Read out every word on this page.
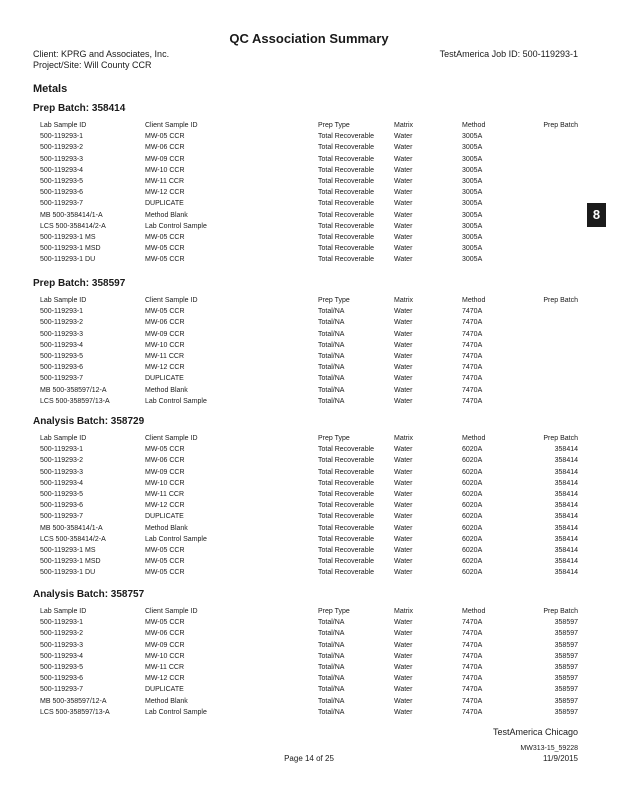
QC Association Summary
Client: KPRG and Associates, Inc.	TestAmerica Job ID: 500-119293-1
Project/Site: Will County CCR
Metals
8
Prep Batch: 358414
Lab Sample ID	Client Sample ID	Prep Type	Matrix	Method	Prep Batch
500-119293-1	MW-05 CCR	Total Recoverable	Water	3005A
500-119293-2	MW-06 CCR	Total Recoverable	Water	3005A
500-119293-3	MW-09 CCR	Total Recoverable	Water	3005A
500-119293-4	MW-10 CCR	Total Recoverable	Water	3005A
500-119293-5	MW-11 CCR	Total Recoverable	Water	3005A
500-119293-6	MW-12 CCR	Total Recoverable	Water	3005A
500-119293-7	DUPLICATE	Total Recoverable	Water	3005A
MB 500-358414/1-A	Method Blank	Total Recoverable	Water	3005A
LCS 500-358414/2-A	Lab Control Sample	Total Recoverable	Water	3005A
500-119293-1 MS	MW-05 CCR	Total Recoverable	Water	3005A
500-119293-1 MSD	MW-05 CCR	Total Recoverable	Water	3005A
500-119293-1 DU	MW-05 CCR	Total Recoverable	Water	3005A
Prep Batch: 358597
Lab Sample ID	Client Sample ID	Prep Type	Matrix	Method	Prep Batch
500-119293-1	MW-05 CCR	Total/NA	Water	7470A
500-119293-2	MW-06 CCR	Total/NA	Water	7470A
500-119293-3	MW-09 CCR	Total/NA	Water	7470A
500-119293-4	MW-10 CCR	Total/NA	Water	7470A
500-119293-5	MW-11 CCR	Total/NA	Water	7470A
500-119293-6	MW-12 CCR	Total/NA	Water	7470A
500-119293-7	DUPLICATE	Total/NA	Water	7470A
MB 500-358597/12-A	Method Blank	Total/NA	Water	7470A
LCS 500-358597/13-A	Lab Control Sample	Total/NA	Water	7470A
Analysis Batch: 358729
Lab Sample ID	Client Sample ID	Prep Type	Matrix	Method	Prep Batch
500-119293-1	MW-05 CCR	Total Recoverable	Water	6020A	358414
500-119293-2	MW-06 CCR	Total Recoverable	Water	6020A	358414
500-119293-3	MW-09 CCR	Total Recoverable	Water	6020A	358414
500-119293-4	MW-10 CCR	Total Recoverable	Water	6020A	358414
500-119293-5	MW-11 CCR	Total Recoverable	Water	6020A	358414
500-119293-6	MW-12 CCR	Total Recoverable	Water	6020A	358414
500-119293-7	DUPLICATE	Total Recoverable	Water	6020A	358414
MB 500-358414/1-A	Method Blank	Total Recoverable	Water	6020A	358414
LCS 500-358414/2-A	Lab Control Sample	Total Recoverable	Water	6020A	358414
500-119293-1 MS	MW-05 CCR	Total Recoverable	Water	6020A	358414
500-119293-1 MSD	MW-05 CCR	Total Recoverable	Water	6020A	358414
500-119293-1 DU	MW-05 CCR	Total Recoverable	Water	6020A	358414
Analysis Batch: 358757
Lab Sample ID	Client Sample ID	Prep Type	Matrix	Method	Prep Batch
500-119293-1	MW-05 CCR	Total/NA	Water	7470A	358597
500-119293-2	MW-06 CCR	Total/NA	Water	7470A	358597
500-119293-3	MW-09 CCR	Total/NA	Water	7470A	358597
500-119293-4	MW-10 CCR	Total/NA	Water	7470A	358597
500-119293-5	MW-11 CCR	Total/NA	Water	7470A	358597
500-119293-6	MW-12 CCR	Total/NA	Water	7470A	358597
500-119293-7	DUPLICATE	Total/NA	Water	7470A	358597
MB 500-358597/12-A	Method Blank	Total/NA	Water	7470A	358597
LCS 500-358597/13-A	Lab Control Sample	Total/NA	Water	7470A	358597
TestAmerica Chicago
Page 14 of 25
MW313-15_59228
11/9/2015
